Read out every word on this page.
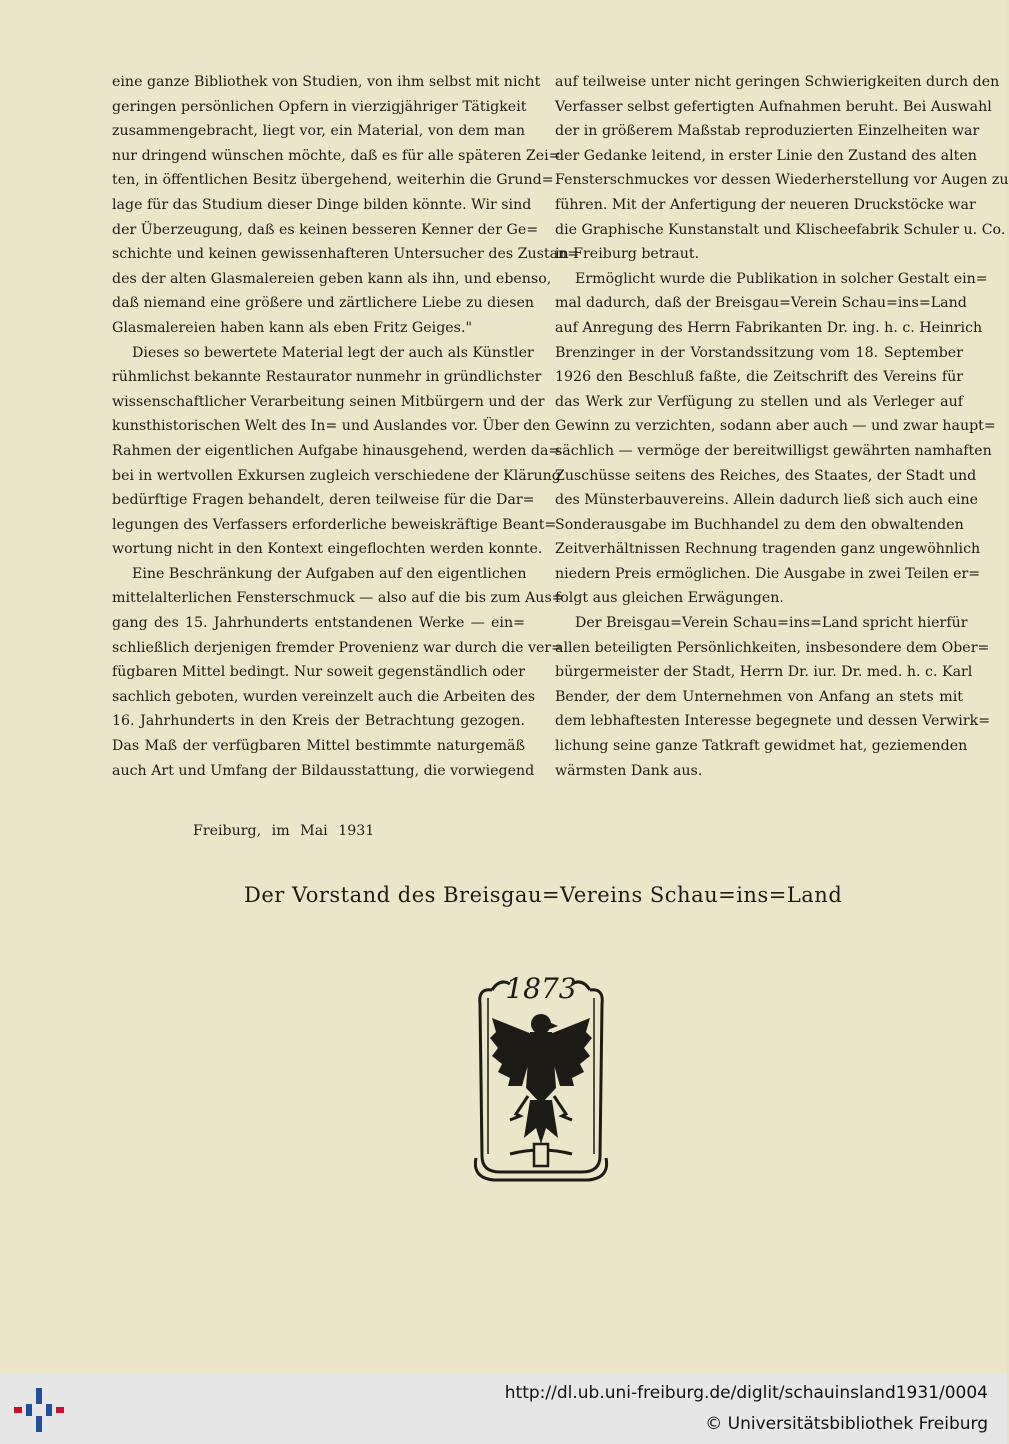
eine ganze Bibliothek von Studien, von ihm selbst mit nicht
geringen persönlichen Opfern in vierzigjähriger Tätigkeit
zusammengebracht, liegt vor, ein Material, von dem man
nur dringend wünschen möchte, daß es für alle späteren Zei=
ten, in öffentlichen Besitz übergehend, weiterhin die Grund=
lage für das Studium dieser Dinge bilden könnte. Wir sind
der Überzeugung, daß es keinen besseren Kenner der Ge=
schichte und keinen gewissenhafteren Untersucher des Zustan=
des der alten Glasmalereien geben kann als ihn, und ebenso,
daß niemand eine größere und zärtlichere Liebe zu diesen
Glasmalereien haben kann als eben Fritz Geiges."
Dieses so bewertete Material legt der auch als Künstler
rühmlichst bekannte Restaurator nunmehr in gründlichster
wissenschaftlicher Verarbeitung seinen Mitbürgern und der
kunsthistorischen Welt des In= und Auslandes vor. Über den
Rahmen der eigentlichen Aufgabe hinausgehend, werden da=
bei in wertvollen Exkursen zugleich verschiedene der Klärung
bedürftige Fragen behandelt, deren teilweise für die Dar=
legungen des Verfassers erforderliche beweiskräftige Beant=
wortung nicht in den Kontext eingeflochten werden konnte.
Eine Beschränkung der Aufgaben auf den eigentlichen
mittelalterlichen Fensterschmuck — also auf die bis zum Aus=
gang des 15. Jahrhunderts entstandenen Werke — ein=
schließlich derjenigen fremder Provenienz war durch die ver=
fügbaren Mittel bedingt. Nur soweit gegenständlich oder
sachlich geboten, wurden vereinzelt auch die Arbeiten des
16. Jahrhunderts in den Kreis der Betrachtung gezogen.
Das Maß der verfügbaren Mittel bestimmte naturgemäß
auch Art und Umfang der Bildausstattung, die vorwiegend
auf teilweise unter nicht geringen Schwierigkeiten durch den
Verfasser selbst gefertigten Aufnahmen beruht. Bei Auswahl
der in größerem Maßstab reproduzierten Einzelheiten war
der Gedanke leitend, in erster Linie den Zustand des alten
Fensterschmuckes vor dessen Wiederherstellung vor Augen zu
führen. Mit der Anfertigung der neueren Druckstöcke war
die Graphische Kunstanstalt und Klischeefabrik Schuler u. Co.
in Freiburg betraut.
Ermöglicht wurde die Publikation in solcher Gestalt ein=
mal dadurch, daß der Breisgau=Verein Schau=ins=Land
auf Anregung des Herrn Fabrikanten Dr. ing. h. c. Heinrich
Brenzinger in der Vorstandssitzung vom 18. September
1926 den Beschluß faßte, die Zeitschrift des Vereins für
das Werk zur Verfügung zu stellen und als Verleger auf
Gewinn zu verzichten, sodann aber auch — und zwar haupt=
sächlich — vermöge der bereitwilligst gewährten namhaften
Zuschüsse seitens des Reiches, des Staates, der Stadt und
des Münsterbauvereins. Allein dadurch ließ sich auch eine
Sonderausgabe im Buchhandel zu dem den obwaltenden
Zeitverhältnissen Rechnung tragenden ganz ungewöhnlich
niedern Preis ermöglichen. Die Ausgabe in zwei Teilen er=
folgt aus gleichen Erwägungen.
Der Breisgau=Verein Schau=ins=Land spricht hierfür
allen beteiligten Persönlichkeiten, insbesondere dem Ober=
bürgermeister der Stadt, Herrn Dr. iur. Dr. med. h. c. Karl
Bender, der dem Unternehmen von Anfang an stets mit
dem lebhaftesten Interesse begegnete und dessen Verwirk=
lichung seine ganze Tatkraft gewidmet hat, geziemenden
wärmsten Dank aus.
Freiburg, im Mai 1931
Der Vorstand des Breisgau=Vereins Schau=ins=Land
1873
http://dl.ub.uni-freiburg.de/diglit/schauinsland1931/0004
© Universitätsbibliothek Freiburg
